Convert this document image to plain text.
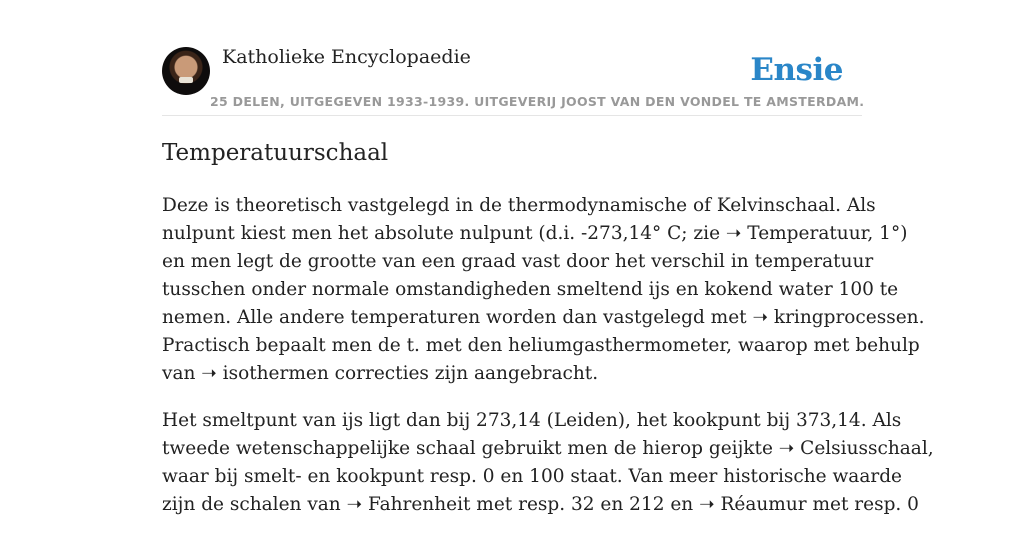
Katholieke Encyclopaedie	Ensie
25 DELEN, UITGEGEVEN 1933-1939. UITGEVERIJ JOOST VAN DEN VONDEL TE AMSTERDAM.
Temperatuurschaal

Deze is theoretisch vastgelegd in de thermodynamische of Kelvinschaal. Als
nulpunt kiest men het absolute nulpunt (d.i. -273,14° C; zie ➝ Temperatuur, 1°)
en men legt de grootte van een graad vast door het verschil in temperatuur
tusschen onder normale omstandigheden smeltend ijs en kokend water 100 te
nemen. Alle andere temperaturen worden dan vastgelegd met ➝ kringprocessen.
Practisch bepaalt men de t. met den heliumgasthermometer, waarop met behulp
van ➝ isothermen correcties zijn aangebracht.

Het smeltpunt van ijs ligt dan bij 273,14 (Leiden), het kookpunt bij 373,14. Als
tweede wetenschappelijke schaal gebruikt men de hierop geijkte ➝ Celsiusschaal,
waar bij smelt- en kookpunt resp. 0 en 100 staat. Van meer historische waarde
zijn de schalen van ➝ Fahrenheit met resp. 32 en 212 en ➝ Réaumur met resp. 0
